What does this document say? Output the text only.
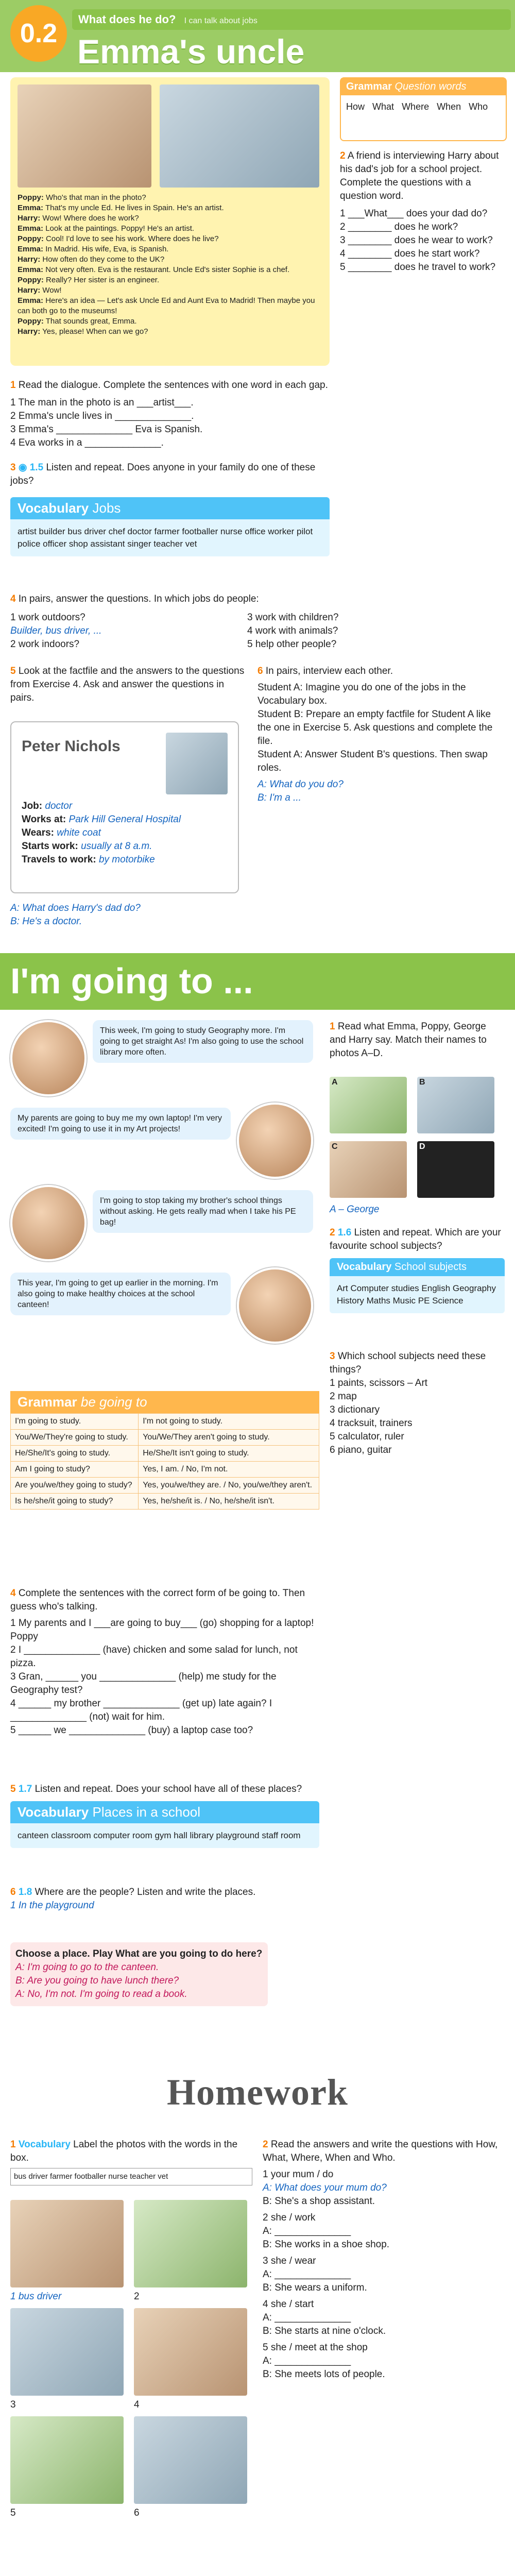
0.2	What does he do? I can talk about jobs
Emma's uncle
Poppy: Who's that man in the photo?
Emma: That's my uncle Ed. He lives in Spain. He's an artist.
Harry: Wow! Where does he work?
Emma: Look at the paintings. Poppy! He's an artist.
Poppy: Cool! I'd love to see his work. Where does he live?
Emma: In Madrid. His wife, Eva, is Spanish.
Harry: How often do they come to the UK?
Emma: Not very often. Eva is the restaurant. Uncle Ed's sister Sophie is a chef.
Poppy: Really? Her sister is an engineer.
Harry: Wow!
Emma: Here's an idea — Let's ask Uncle Ed and Aunt Eva to Madrid! Then maybe you can both go to the museums!
Poppy: That sounds great, Emma.
Harry: Yes, please! When can we go?
Grammar Question words
How What Where When Who
2 A friend is interviewing Harry about his dad's job for a school project. Complete the questions with a question word.
1 ___What___ does your dad do?
2 ________ does he work?
3 ________ does he wear to work?
4 ________ does he start work?
5 ________ does he travel to work?
1 Read the dialogue. Complete the sentences with one word in each gap.
1 The man in the photo is an ___artist___.
2 Emma's uncle lives in ______________.
3 Emma's ______________ Eva is Spanish.
4 Eva works in a ______________.
3 ◉ 1.5 Listen and repeat. Does anyone in your family do one of these jobs?
Vocabulary Jobs
artist builder bus driver chef doctor farmer footballer nurse office worker pilot police officer shop assistant singer teacher vet
4 In pairs, answer the questions. In which jobs do people:
1 work outdoors?
Builder, bus driver, ...
2 work indoors?
3 work with children?
4 work with animals?
5 help other people?
5 Look at the factfile and the answers to the questions from Exercise 4. Ask and answer the questions in pairs.
Peter Nichols
Job: doctor
Works at: Park Hill General Hospital
Wears: white coat
Starts work: usually at 8 a.m.
Travels to work: by motorbike
A: What does Harry's dad do?
B: He's a doctor.
6 In pairs, interview each other.
Student A: Imagine you do one of the jobs in the Vocabulary box.
Student B: Prepare an empty factfile for Student A like the one in Exercise 5. Ask questions and complete the file.
Student A: Answer Student B's questions. Then swap roles.
A: What do you do?
B: I'm a ...
I'm going to ...
This week, I'm going to study Geography more. I'm going to get straight As! I'm also going to use the school library more often.
My parents are going to buy me my own laptop! I'm very excited! I'm going to use it in my Art projects!
I'm going to stop taking my brother's school things without asking. He gets really mad when I take his PE bag!
This year, I'm going to get up earlier in the morning. I'm also going to make healthy choices at the school canteen!
1 Read what Emma, Poppy, George and Harry say. Match their names to photos A–D.
A	B
C	D
A – George
2 1.6 Listen and repeat. Which are your favourite school subjects?
Vocabulary School subjects
Art Computer studies English Geography History Maths Music PE Science
3 Which school subjects need these things?
1 paints, scissors – Art
2 map
3 dictionary
4 tracksuit, trainers
5 calculator, ruler
6 piano, guitar
Grammar be going to
I'm going to study.	I'm not going to study.
You/We/They're going to study.	You/We/They aren't going to study.
He/She/It's going to study.	He/She/It isn't going to study.
Am I going to study?	Yes, I am. / No, I'm not.
Are you/we/they going to study?	Yes, you/we/they are. / No, you/we/they aren't.
Is he/she/it going to study?	Yes, he/she/it is. / No, he/she/it isn't.
4 Complete the sentences with the correct form of be going to. Then guess who's talking.
1 My parents and I ___are going to buy___ (go) shopping for a laptop! Poppy
2 I ______________ (have) chicken and some salad for lunch, not pizza.
3 Gran, ______ you ______________ (help) me study for the Geography test?
4 ______ my brother ______________ (get up) late again? I ______________ (not) wait for him.
5 ______ we ______________ (buy) a laptop case too?
5 1.7 Listen and repeat. Does your school have all of these places?
Vocabulary Places in a school
canteen classroom computer room gym hall library playground staff room
6 1.8 Where are the people? Listen and write the places.
1 In the playground
Choose a place. Play What are you going to do here?
A: I'm going to go to the canteen.
B: Are you going to have lunch there?
A: No, I'm not. I'm going to read a book.
Homework
1 Vocabulary Label the photos with the words in the box.
bus driver farmer footballer nurse teacher vet
1 bus driver	2
3	4
5	6
2 Read the answers and write the questions with How, What, Where, When and Who.
1 your mum / do
A: What does your mum do?
B: She's a shop assistant.
2 she / work
A: ______________
B: She works in a shoe shop.
3 she / wear
A: ______________
B: She wears a uniform.
4 she / start
A: ______________
B: She starts at nine o'clock.
5 she / meet at the shop
A: ______________
B: She meets lots of people.
